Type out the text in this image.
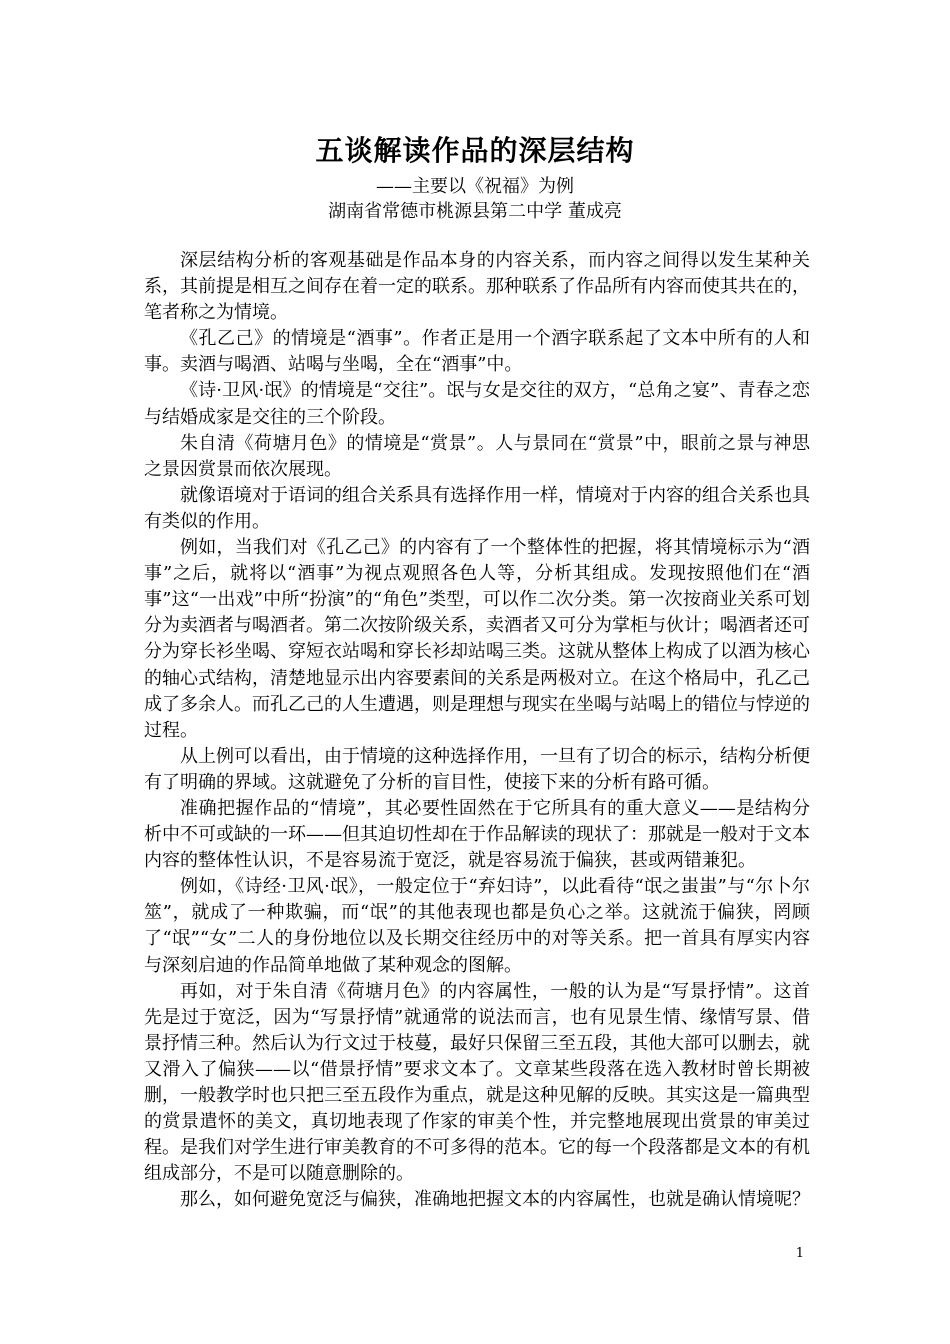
五谈解读作品的深层结构

——主要以《祝福》为例

湖南省常德市桃源县第二中学 董成亮

深层结构分析的客观基础是作品本身的内容关系，而内容之间得以发生某种关系，其前提是相互之间存在着一定的联系。那种联系了作品所有内容而使其共在的，笔者称之为情境。

《孔乙己》的情境是“酒事”。作者正是用一个酒字联系起了文本中所有的人和事。卖酒与喝酒、站喝与坐喝，全在“酒事”中。

《诗·卫风·氓》的情境是“交往”。氓与女是交往的双方，“总角之宴”、青春之恋与结婚成家是交往的三个阶段。

朱自清《荷塘月色》的情境是“赏景”。人与景同在“赏景”中，眼前之景与神思之景因赏景而依次展现。

就像语境对于语词的组合关系具有选择作用一样，情境对于内容的组合关系也具有类似的作用。

例如，当我们对《孔乙己》的内容有了一个整体性的把握，将其情境标示为“酒事”之后，就将以“酒事”为视点观照各色人等，分析其组成。发现按照他们在“酒事”这“一出戏”中所“扮演”的“角色”类型，可以作二次分类。第一次按商业关系可划分为卖酒者与喝酒者。第二次按阶级关系，卖酒者又可分为掌柜与伙计；喝酒者还可分为穿长衫坐喝、穿短衣站喝和穿长衫却站喝三类。这就从整体上构成了以酒为核心的轴心式结构，清楚地显示出内容要素间的关系是两极对立。在这个格局中，孔乙己成了多余人。而孔乙己的人生遭遇，则是理想与现实在坐喝与站喝上的错位与悖逆的过程。

从上例可以看出，由于情境的这种选择作用，一旦有了切合的标示，结构分析便有了明确的界域。这就避免了分析的盲目性，使接下来的分析有路可循。

准确把握作品的“情境”，其必要性固然在于它所具有的重大意义——是结构分析中不可或缺的一环——但其迫切性却在于作品解读的现状了：那就是一般对于文本内容的整体性认识，不是容易流于宽泛，就是容易流于偏狭，甚或两错兼犯。

例如，《诗经·卫风·氓》，一般定位于“弃妇诗”，以此看待“氓之蚩蚩”与“尔卜尔筮”，就成了一种欺骗，而“氓”的其他表现也都是负心之举。这就流于偏狭，罔顾了“氓”“女”二人的身份地位以及长期交往经历中的对等关系。把一首具有厚实内容与深刻启迪的作品简单地做了某种观念的图解。

再如，对于朱自清《荷塘月色》的内容属性，一般的认为是“写景抒情”。这首先是过于宽泛，因为“写景抒情”就通常的说法而言，也有见景生情、缘情写景、借景抒情三种。然后认为行文过于枝蔓，最好只保留三至五段，其他大部可以删去，就又滑入了偏狭——以“借景抒情”要求文本了。文章某些段落在选入教材时曾长期被删，一般教学时也只把三至五段作为重点，就是这种见解的反映。其实这是一篇典型的赏景遣怀的美文，真切地表现了作家的审美个性，并完整地展现出赏景的审美过程。是我们对学生进行审美教育的不可多得的范本。它的每一个段落都是文本的有机组成部分，不是可以随意删除的。

那么，如何避免宽泛与偏狭，准确地把握文本的内容属性，也就是确认情境呢？

1
